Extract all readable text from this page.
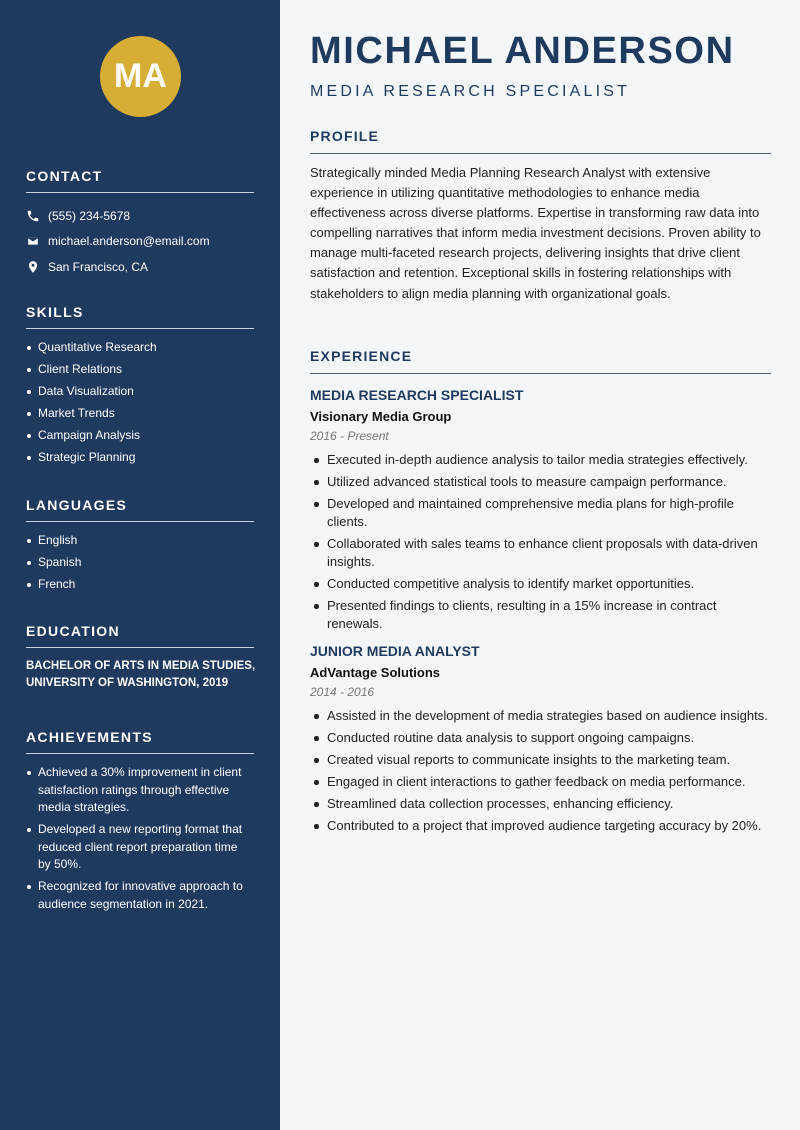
MA
CONTACT
(555) 234-5678
michael.anderson@email.com
San Francisco, CA
SKILLS
Quantitative Research
Client Relations
Data Visualization
Market Trends
Campaign Analysis
Strategic Planning
LANGUAGES
English
Spanish
French
EDUCATION
BACHELOR OF ARTS IN MEDIA STUDIES, UNIVERSITY OF WASHINGTON, 2019
ACHIEVEMENTS
Achieved a 30% improvement in client satisfaction ratings through effective media strategies.
Developed a new reporting format that reduced client report preparation time by 50%.
Recognized for innovative approach to audience segmentation in 2021.
MICHAEL ANDERSON
MEDIA RESEARCH SPECIALIST
PROFILE
Strategically minded Media Planning Research Analyst with extensive experience in utilizing quantitative methodologies to enhance media effectiveness across diverse platforms. Expertise in transforming raw data into compelling narratives that inform media investment decisions. Proven ability to manage multi-faceted research projects, delivering insights that drive client satisfaction and retention. Exceptional skills in fostering relationships with stakeholders to align media planning with organizational goals.
EXPERIENCE
MEDIA RESEARCH SPECIALIST
Visionary Media Group
2016 - Present
Executed in-depth audience analysis to tailor media strategies effectively.
Utilized advanced statistical tools to measure campaign performance.
Developed and maintained comprehensive media plans for high-profile clients.
Collaborated with sales teams to enhance client proposals with data-driven insights.
Conducted competitive analysis to identify market opportunities.
Presented findings to clients, resulting in a 15% increase in contract renewals.
JUNIOR MEDIA ANALYST
AdVantage Solutions
2014 - 2016
Assisted in the development of media strategies based on audience insights.
Conducted routine data analysis to support ongoing campaigns.
Created visual reports to communicate insights to the marketing team.
Engaged in client interactions to gather feedback on media performance.
Streamlined data collection processes, enhancing efficiency.
Contributed to a project that improved audience targeting accuracy by 20%.
